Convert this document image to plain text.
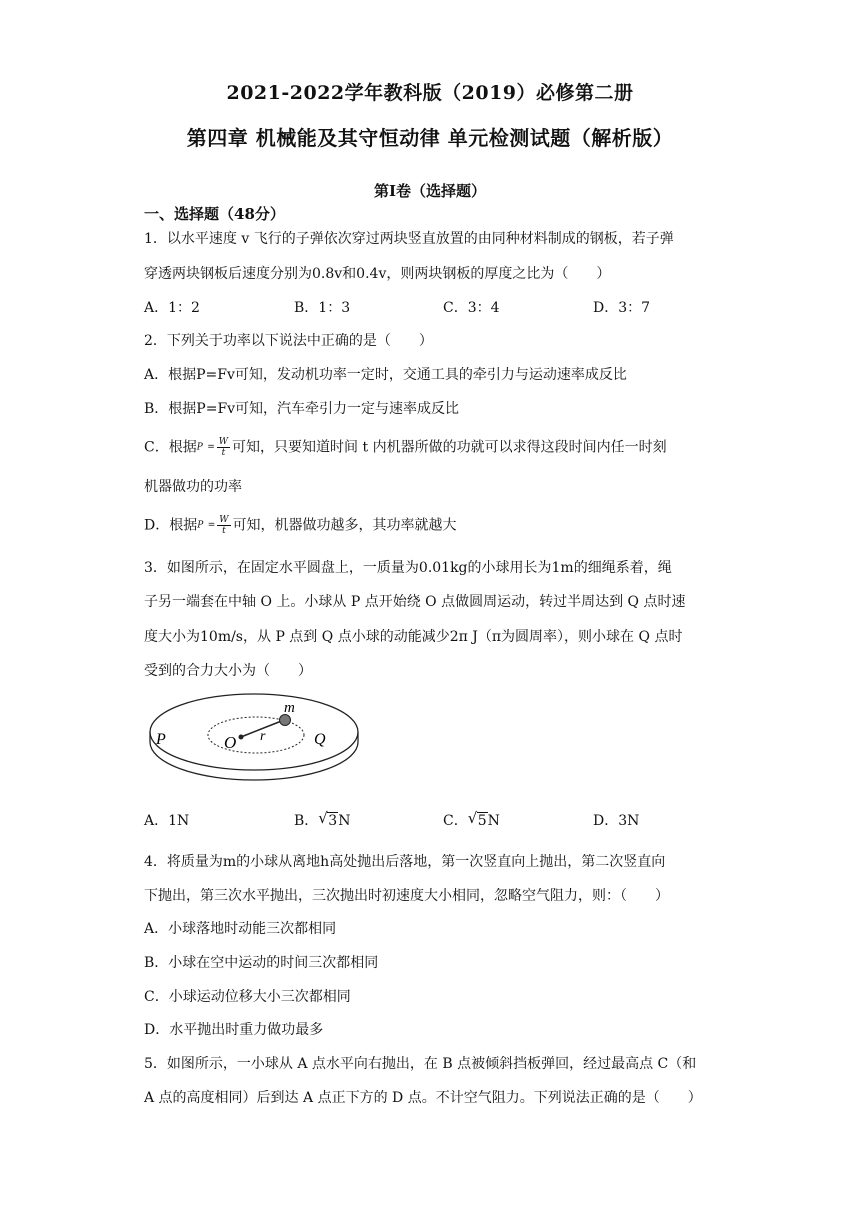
2021-2022学年教科版（2019）必修第二册
第四章 机械能及其守恒动律 单元检测试题（解析版）
第Ⅰ卷（选择题）
一、选择题（48分）
1．以水平速度 v 飞行的子弹依次穿过两块竖直放置的由同种材料制成的钢板，若子弹
穿透两块钢板后速度分别为0.8v和0.4v，则两块钢板的厚度之比为（　　）
A．1：2	B．1：3	C．3：4	D．3：7
2．下列关于功率以下说法中正确的是（　　）
A．根据P=Fv可知，发动机功率一定时，交通工具的牵引力与运动速率成反比
B．根据P=Fv可知，汽车牵引力一定与速率成反比
C．根据$P = \frac{W}{t}$ 可知，只要知道时间 t 内机器所做的功就可以求得这段时间内任一时刻
机器做功的功率
D．根据$P = \frac{W}{t}$ 可知，机器做功越多，其功率就越大
3．如图所示，在固定水平圆盘上，一质量为0.01kg的小球用长为1m的细绳系着，绳
子另一端套在中轴 O 上。小球从 P 点开始绕 O 点做圆周运动，转过半周达到 Q 点时速
度大小为10m/s，从 P 点到 Q 点小球的动能减少2π J（π为圆周率），则小球在 Q 点时
受到的合力大小为（　　）
P	O r
m
Q
A．1N	B． √ 3N	C． √ 5N	D．3N
4．将质量为m的小球从离地h高处抛出后落地，第一次竖直向上抛出，第二次竖直向
下抛出，第三次水平抛出，三次抛出时初速度大小相同，忽略空气阻力，则：（　　）
A．小球落地时动能三次都相同
B．小球在空中运动的时间三次都相同
C．小球运动位移大小三次都相同
D．水平抛出时重力做功最多
5．如图所示，一小球从 A 点水平向右抛出，在 B 点被倾斜挡板弹回，经过最高点 C（和
A 点的高度相同）后到达 A 点正下方的 D 点。不计空气阻力。下列说法正确的是（　　）
